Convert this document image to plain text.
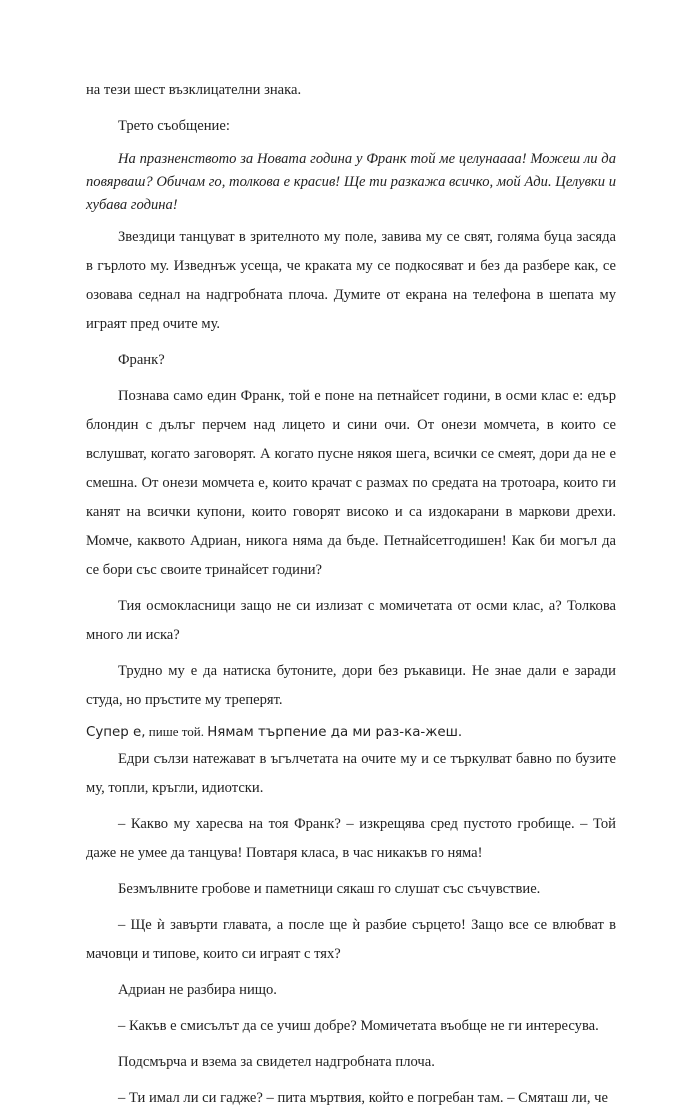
на тези шест възклицателни знака.

Трето съобщение:

На празненството за Новата година у Франк той ме целунаааа! Можеш ли да повярваш? Обичам го, толкова е красив! Ще ти разкажа всичко, мой Ади. Целувки и хубава година!

Звездици танцуват в зрителното му поле, завива му се свят, голяма буца засяда в гърлото му. Изведнъж усеща, че краката му се подкосяват и без да разбере как, се озовава седнал на надгробната плоча. Думите от екрана на телефона в шепата му играят пред очите му.

Франк?

Познава само един Франк, той е поне на петнайсет години, в осми клас е: едър блондин с дълъг перчем над лицето и сини очи. От онези момчета, в които се вслушват, когато заговорят. А когато пусне някоя шега, всички се смеят, дори да не е смешна. От онези момчета е, които крачат с размах по средата на тротоара, които ги канят на всички купони, които говорят високо и са издокарани в маркови дрехи. Момче, каквото Адриан, никога няма да бъде. Петнайсетгодишен! Как би могъл да се бори със своите тринайсет години?

Тия осмокласници защо не си излизат с момичетата от осми клас, а? Толкова много ли иска?

Трудно му е да натиска бутоните, дори без ръкавици. Не знае дали е заради студа, но пръстите му треперят.

Супер е, пише той. Нямам търпение да ми раз-ка-жеш.

Едри сълзи натежават в ъгълчетата на очите му и се търкулват бавно по бузите му, топли, кръгли, идиотски.

– Какво му харесва на тоя Франк? – изкрещява сред пустото гробище. – Той даже не умее да танцува! Повтаря класа, в час никакъв го няма!

Безмълвните гробове и паметници сякаш го слушат със съчувствие.

– Ще ѝ завърти главата, а после ще ѝ разбие сърцето! Защо все се влюбват в мачовци и типове, които си играят с тях?

Адриан не разбира нищо.

– Какъв е смисълът да се учиш добре? Момичетата въобще не ги интересува.

Подсмърча и взема за свидетел надгробната плоча.

– Ти имал ли си гадже? – пита мъртвия, който е погребан там. – Смяташ ли, че
